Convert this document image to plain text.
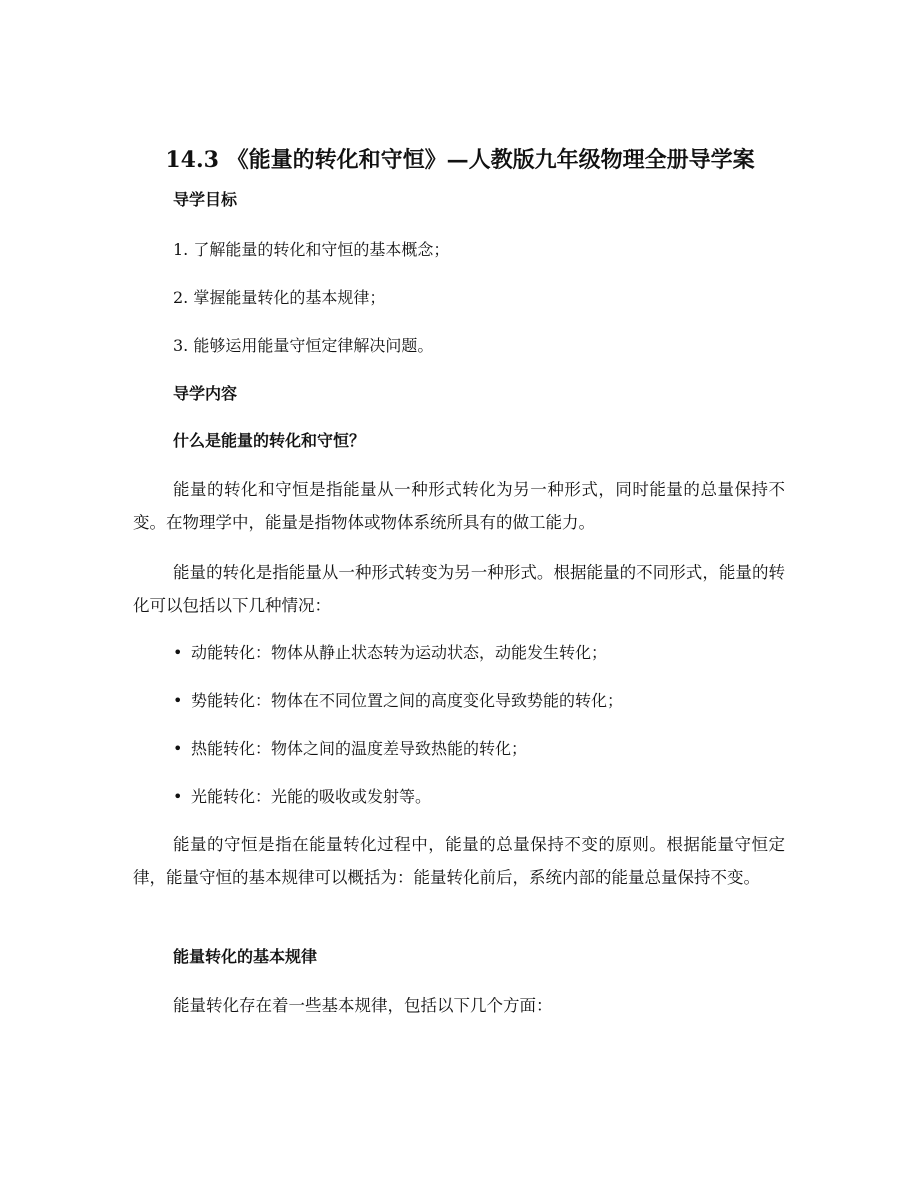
14.3 《能量的转化和守恒》—人教版九年级物理全册导学案
导学目标
1. 了解能量的转化和守恒的基本概念；
2. 掌握能量转化的基本规律；
3. 能够运用能量守恒定律解决问题。
导学内容
什么是能量的转化和守恒？
能量的转化和守恒是指能量从一种形式转化为另一种形式，同时能量的总量保持不变。在物理学中，能量是指物体或物体系统所具有的做工能力。
能量的转化是指能量从一种形式转变为另一种形式。根据能量的不同形式，能量的转化可以包括以下几种情况：
• 动能转化：物体从静止状态转为运动状态，动能发生转化；
• 势能转化：物体在不同位置之间的高度变化导致势能的转化；
• 热能转化：物体之间的温度差导致热能的转化；
• 光能转化：光能的吸收或发射等。
能量的守恒是指在能量转化过程中，能量的总量保持不变的原则。根据能量守恒定律，能量守恒的基本规律可以概括为：能量转化前后，系统内部的能量总量保持不变。
能量转化的基本规律
能量转化存在着一些基本规律，包括以下几个方面：
